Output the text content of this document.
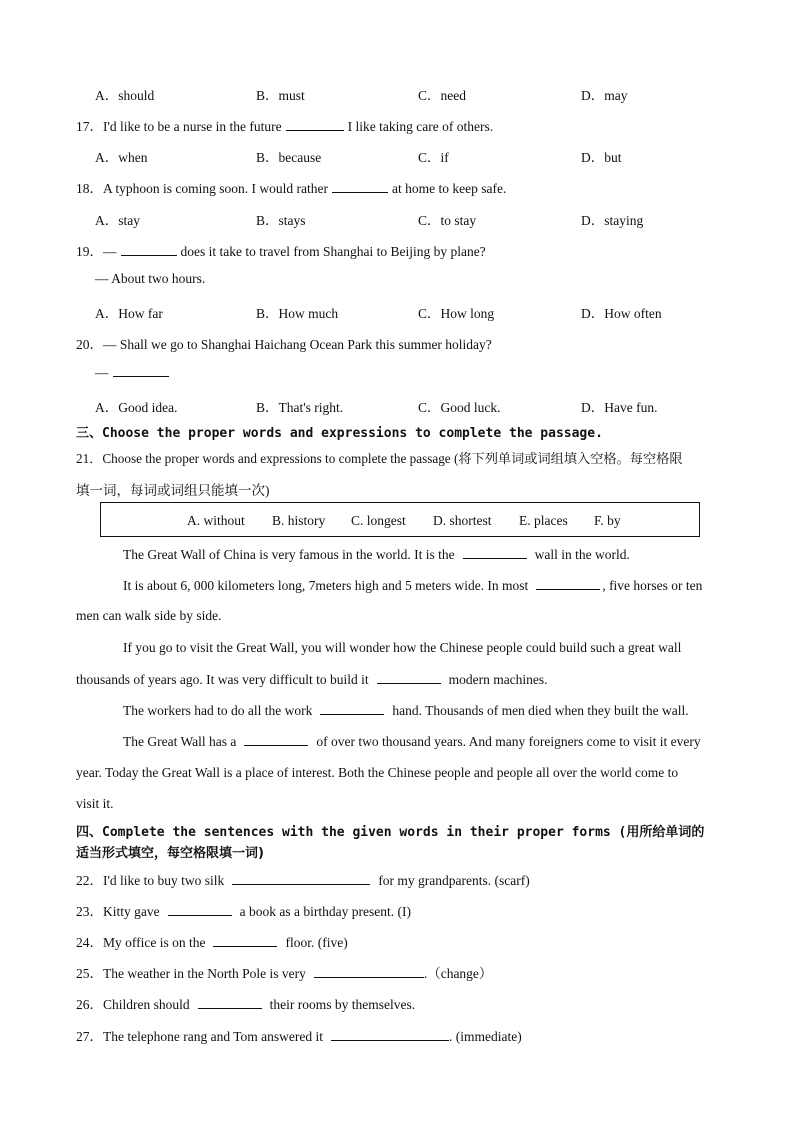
A．should	B．must	C．need	D．may
17．I'd like to be a nurse in the future	I like taking care of others.
A．when	B．because	C．if	D．but
18．A typhoon is coming soon. I would rather	at home to keep safe.
A．stay	B．stays	C．to stay	D．staying
19．—	does it take to travel from Shanghai to Beijing by plane?
— About two hours.
A．How far	B．How much	C．How long	D．How often
20．— Shall we go to Shanghai Haichang Ocean Park this summer holiday?
—
A．Good idea.	B．That's right.	C．Good luck.	D．Have fun.
三、Choose the proper words and expressions to complete the passage.
21．Choose the proper words and expressions to complete the passage (将下列单词或词组填入空格。每空格限
填一词，每词或词组只能填一次)
A. without B. history C. longest D. shortest E. places F. by
The Great Wall of China is very famous in the world. It is the	wall in the world.
It is about 6, 000 kilometers long, 7meters high and 5 meters wide. In most	, five horses or ten
men can walk side by side.
If you go to visit the Great Wall, you will wonder how the Chinese people could build such a great wall
thousands of years ago. It was very difficult to build it	modern machines.
The workers had to do all the work	hand. Thousands of men died when they built the wall.
The Great Wall has a	of over two thousand years. And many foreigners come to visit it every
year. Today the Great Wall is a place of interest. Both the Chinese people and people all over the world come to
visit it.
四、Complete the sentences with the given words in their proper forms (用所给单词的
适当形式填空，每空格限填一词)
22．I'd like to buy two silk	for my grandparents. (scarf)
23．Kitty gave	a book as a birthday present. (I)
24．My office is on the	floor. (five)
25．The weather in the North Pole is very	.（change）
26．Children should	their rooms by themselves.
27．The telephone rang and Tom answered it	. (immediate)
